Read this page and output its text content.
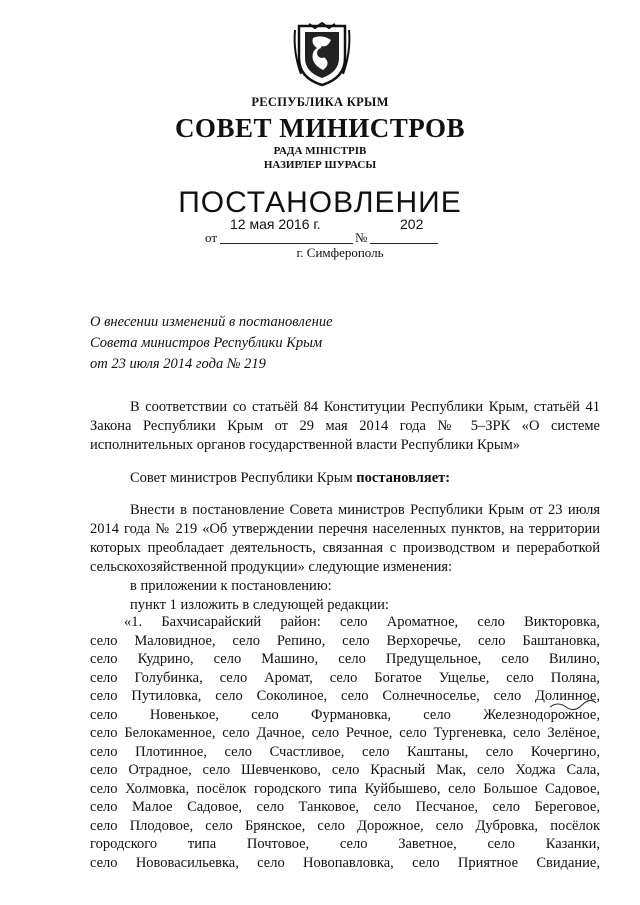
РЕСПУБЛИКА КРЫМ
СОВЕТ МИНИСТРОВ
РАДА МІНІСТРІВ
НАЗИРЛЕР ШУРАСЫ
ПОСТАНОВЛЕНИЕ
от
12 мая 2016 г.
№
202
г. Симферополь
О внесении изменений в постановление
Совета министров Республики Крым
от 23 июля 2014 года № 219
В соответствии со статьёй 84 Конституции Республики Крым, статьёй 41 Закона Республики Крым от 29 мая 2014 года № 5–ЗРК «О системе исполнительных органов государственной власти Республики Крым»
Совет министров Республики Крым постановляет:
Внести в постановление Совета министров Республики Крым от 23 июля 2014 года № 219 «Об утверждении перечня населенных пунктов, на территории которых преобладает деятельность, связанная с производством и переработкой сельскохозяйственной продукции» следующие изменения:
в приложении к постановлению:
пункт 1 изложить в следующей редакции:
«1. Бахчисарайский район: село Ароматное, село Викторовка,
село Маловидное, село Репино, село Верхоречье, село Баштановка,
село Кудрино, село Машино, село Предущельное, село Вилино,
село Голубинка, село Аромат, село Богатое Ущелье, село Поляна,
село Путиловка, село Соколиное, село Солнечноселье, село Долинное,
село Новенькое, село Фурмановка, село Железнодорожное,
село Белокаменное, село Дачное, село Речное, село Тургеневка, село Зелёное,
село Плотинное, село Счастливое, село Каштаны, село Кочергино,
село Отрадное, село Шевченково, село Красный Мак, село Ходжа Сала,
село Холмовка, посёлок городского типа Куйбышево, село Большое Садовое,
село Малое Садовое, село Танковое, село Песчаное, село Береговое,
село Плодовое, село Брянское, село Дорожное, село Дубровка, посёлок
городского типа Почтовое, село Заветное, село Казанки,
село Нововасильевка, село Новопавловка, село Приятное Свидание,
